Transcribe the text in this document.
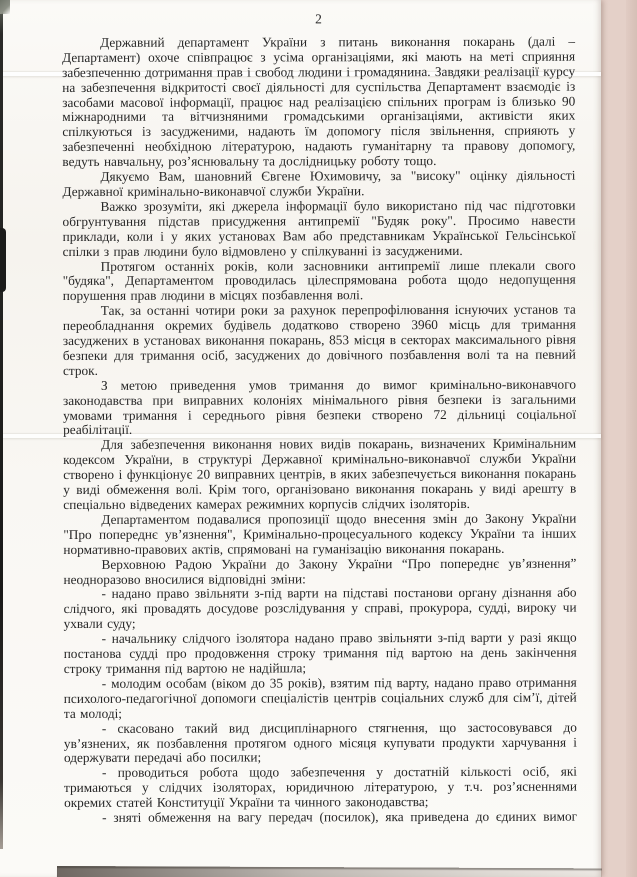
2

Державний департамент України з питань виконання покарань (далі – Департамент) охоче співпрацює з усіма організаціями, які мають на меті сприяння забезпеченню дотримання прав і свобод людини і громадянина. Завдяки реалізації курсу на забезпечення відкритості своєї діяльності для суспільства Департамент взаємодіє із засобами масової інформації, працює над реалізацією спільних програм із близько 90 міжнародними та вітчизняними громадськими організаціями, активісти яких спілкуються із засудженими, надають їм допомогу після звільнення, сприяють у забезпеченні необхідною літературою, надають гуманітарну та правову допомогу, ведуть навчальну, роз’яснювальну та дослідницьку роботу тощо.

Дякуємо Вам, шановний Євгене Юхимовичу, за "високу" оцінку діяльності Державної кримінально-виконавчої служби України.

Важко зрозуміти, які джерела інформації було використано під час підготовки обгрунтування підстав присудження антипремії "Будяк року". Просимо навести приклади, коли і у яких установах Вам або представникам Української Гельсінської спілки з прав людини було відмовлено у спілкуванні із засудженими.

Протягом останніх років, коли засновники антипремії лише плекали свого "будяка", Департаментом проводилась цілеспрямована робота щодо недопущення порушення прав людини в місцях позбавлення волі.

Так, за останні чотири роки за рахунок перепрофілювання існуючих установ та переобладнання окремих будівель додатково створено 3960 місць для тримання засуджених в установах виконання покарань, 853 місця в секторах максимального рівня безпеки для тримання осіб, засуджених до довічного позбавлення волі та на певний строк.

З метою приведення умов тримання до вимог кримінально-виконавчого законодавства при виправних колоніях мінімального рівня безпеки із загальними умовами тримання і середнього рівня безпеки створено 72 дільниці соціальної реабілітації.

Для забезпечення виконання нових видів покарань, визначених Кримінальним кодексом України, в структурі Державної кримінально-виконавчої служби України створено і функціонує 20 виправних центрів, в яких забезпечується виконання покарань у виді обмеження волі. Крім того, організовано виконання покарань у виді арешту в спеціально відведених камерах режимних корпусів слідчих ізоляторів.

Департаментом подавалися пропозиції щодо внесення змін до Закону України "Про попереднє ув’язнення", Кримінально-процесуального кодексу України та інших нормативно-правових актів, спрямовані на гуманізацію виконання покарань.

Верховною Радою України до Закону України “Про попереднє ув’язнення” неодноразово вносилися відповідні зміни:

- надано право звільняти з-під варти на підставі постанови органу дізнання або слідчого, які провадять досудове розслідування у справі, прокурора, судді, вироку чи ухвали суду;

- начальнику слідчого ізолятора надано право звільняти з-під варти у разі якщо постанова судді про продовження строку тримання під вартою на день закінчення строку тримання під вартою не надійшла;

- молодим особам (віком до 35 років), взятим під варту, надано право отримання психолого-педагогічної допомоги спеціалістів центрів соціальних служб для сім’ї, дітей та молоді;

- скасовано такий вид дисциплінарного стягнення, що застосовувався до ув’язнених, як позбавлення протягом одного місяця купувати продукти харчування і одержувати передачі або посилки;

- проводиться робота щодо забезпечення у достатній кількості осіб, які тримаються у слідчих ізоляторах, юридичною літературою, у т.ч. роз’ясненнями окремих статей Конституції України та чинного законодавства;

- зняті обмеження на вагу передач (посилок), яка приведена до єдиних вимог
